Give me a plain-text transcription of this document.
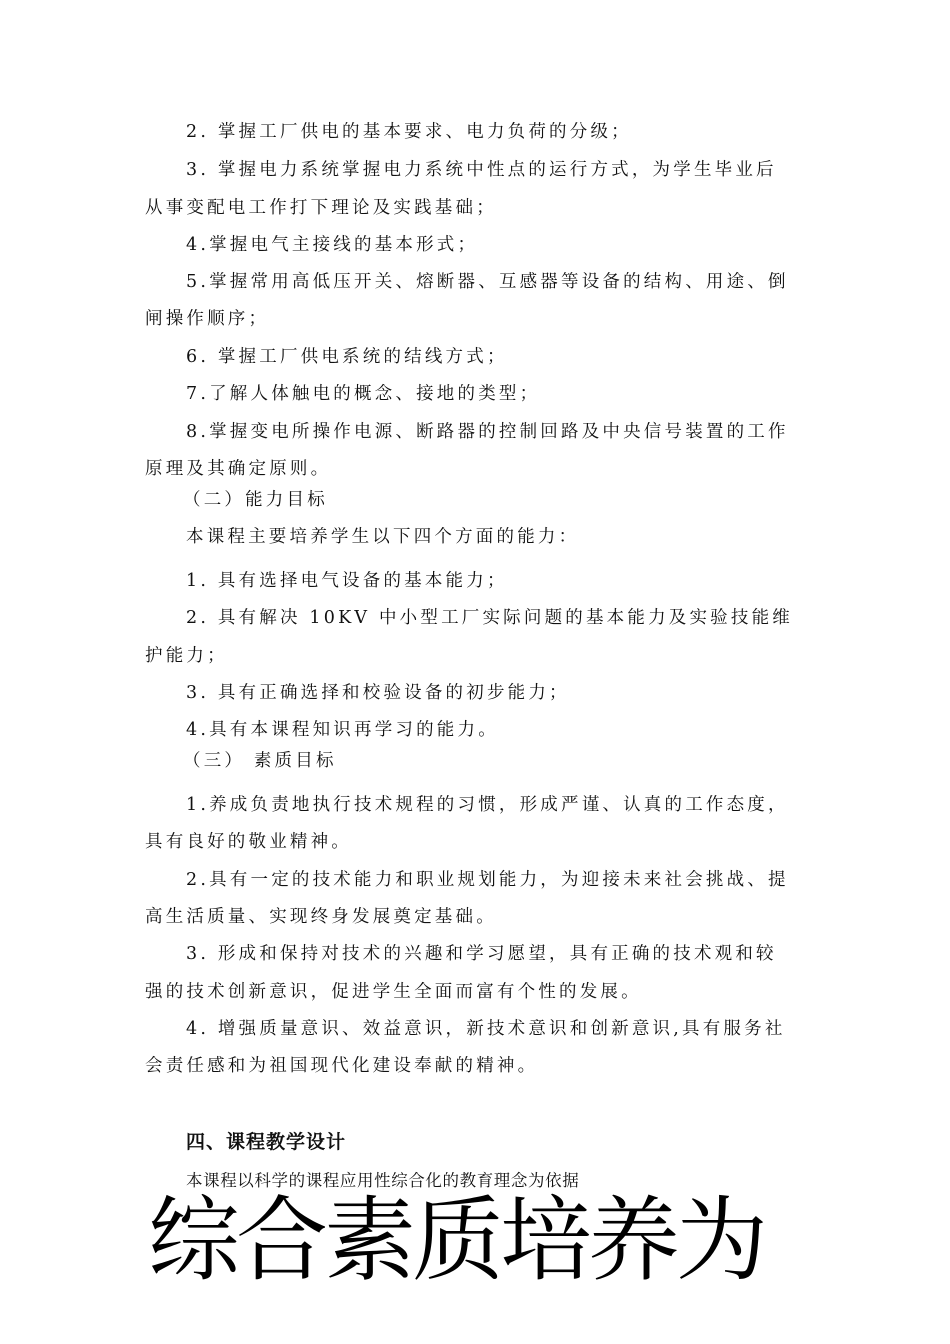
2. 掌握工厂供电的基本要求、电力负荷的分级；
3. 掌握电力系统掌握电力系统中性点的运行方式，为学生毕业后
从事变配电工作打下理论及实践基础；
4.掌握电气主接线的基本形式；
5.掌握常用高低压开关、熔断器、互感器等设备的结构、用途、倒
闸操作顺序；
6. 掌握工厂供电系统的结线方式；
7.了解人体触电的概念、接地的类型；
8.掌握变电所操作电源、断路器的控制回路及中央信号装置的工作
原理及其确定原则。
（二）能力目标
本课程主要培养学生以下四个方面的能力：
1. 具有选择电气设备的基本能力；
2. 具有解决 10KV 中小型工厂实际问题的基本能力及实验技能维
护能力；
3. 具有正确选择和校验设备的初步能力；
4.具有本课程知识再学习的能力。
（三） 素质目标
1.养成负责地执行技术规程的习惯，形成严谨、认真的工作态度，
具有良好的敬业精神。
2.具有一定的技术能力和职业规划能力，为迎接未来社会挑战、提
高生活质量、实现终身发展奠定基础。
3. 形成和保持对技术的兴趣和学习愿望，具有正确的技术观和较
强的技术创新意识，促进学生全面而富有个性的发展。
4. 增强质量意识、效益意识，新技术意识和创新意识,具有服务社
会责任感和为祖国现代化建设奉献的精神。
四、课程教学设计
本课程以科学的课程应用性综合化的教育理念为依据
综合素质培养为
